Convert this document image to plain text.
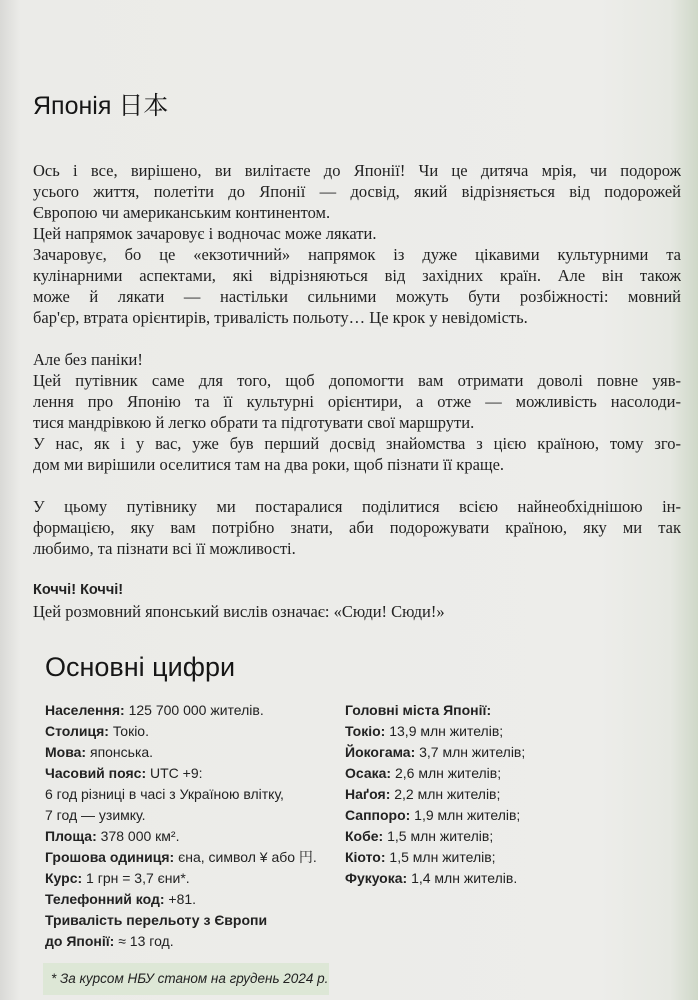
Японія 日本
Ось і все, вирішено, ви вилітаєте до Японії! Чи це дитяча мрія, чи подорож
усього життя, полетіти до Японії — досвід, який відрізняється від подорожей
Європою чи американським континентом.
Цей напрямок зачаровує і водночас може лякати.
Зачаровує, бо це «екзотичний» напрямок із дуже цікавими культурними та
кулінарними аспектами, які відрізняються від західних країн. Але він також
може й лякати — настільки сильними можуть бути розбіжності: мовний
бар'єр, втрата орієнтирів, тривалість польоту… Це крок у невідомість.
Але без паніки!
Цей путівник саме для того, щоб допомогти вам отримати доволі повне уяв-
лення про Японію та її культурні орієнтири, а отже — можливість насолоди-
тися мандрівкою й легко обрати та підготувати свої маршрути.
У нас, як і у вас, уже був перший досвід знайомства з цією країною, тому зго-
дом ми вирішили оселитися там на два роки, щоб пізнати її краще.
У цьому путівнику ми постаралися поділитися всією найнеобхіднішою ін-
формацією, яку вам потрібно знати, аби подорожувати країною, яку ми так
любимо, та пізнати всі її можливості.
Коччі! Коччі!
Цей розмовний японський вислів означає: «Сюди! Сюди!»
Основні цифри
Населення: 125 700 000 жителів.
Столиця: Токіо.
Мова: японська.
Часовий пояс: UTC +9:
6 год різниці в часі з Україною влітку,
7 год — узимку.
Площа: 378 000 км².
Грошова одиниця: єна, символ ¥ або 円.
Курс: 1 грн = 3,7 єни*.
Телефонний код: +81.
Тривалість перельоту з Європи
до Японії: ≈ 13 год.
Головні міста Японії:
Токіо: 13,9 млн жителів;
Йокогама: 3,7 млн жителів;
Осака: 2,6 млн жителів;
Наґоя: 2,2 млн жителів;
Саппоро: 1,9 млн жителів;
Кобе: 1,5 млн жителів;
Кіото: 1,5 млн жителів;
Фукуока: 1,4 млн жителів.
* За курсом НБУ станом на грудень 2024 р.
